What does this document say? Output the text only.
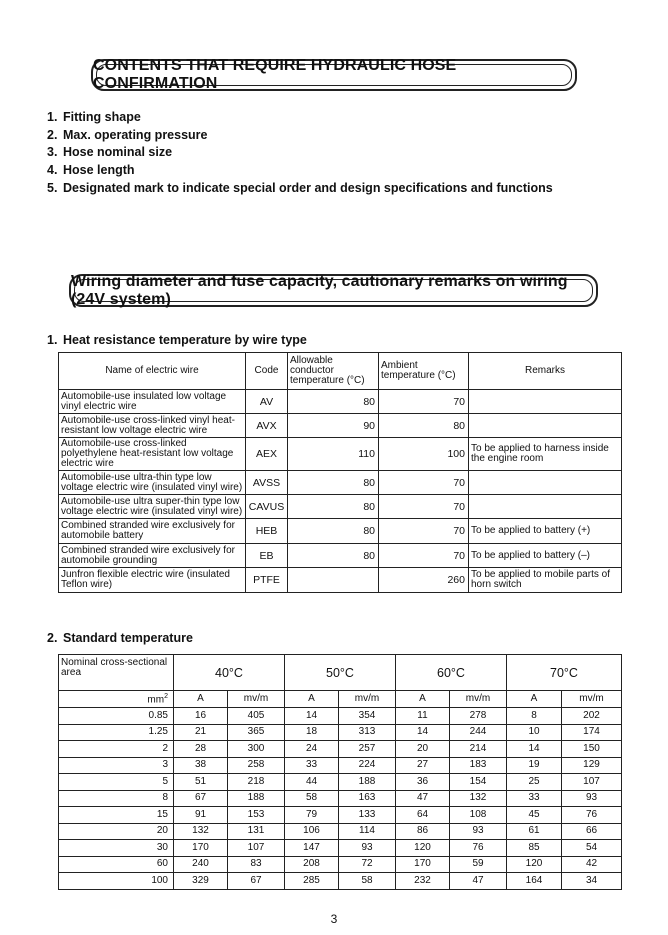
CONTENTS THAT REQUIRE HYDRAULIC HOSE CONFIRMATION
1. Fitting shape
2. Max. operating pressure
3. Hose nominal size
4. Hose length
5. Designated mark to indicate special order and design specifications and functions
Wiring diameter and fuse capacity, cautionary remarks on wiring (24V system)
1. Heat resistance temperature by wire type
Name of electric wire	Code	Allowable conductor temperature (°C)	Ambient temperature (°C)	Remarks
Automobile-use insulated low voltage vinyl electric wire	AV	80	70	
Automobile-use cross-linked vinyl heat-resistant low voltage electric wire	AVX	90	80	
Automobile-use cross-linked polyethylene heat-resistant low voltage electric wire	AEX	110	100	To be applied to harness inside the engine room
Automobile-use ultra-thin type low voltage electric wire (insulated vinyl wire)	AVSS	80	70	
Automobile-use ultra super-thin type low voltage electric wire (insulated vinyl wire)	CAVUS	80	70	
Combined stranded wire exclusively for automobile battery	HEB	80	70	To be applied to battery (+)
Combined stranded wire exclusively for automobile grounding	EB	80	70	To be applied to battery (–)
Junfron flexible electric wire (insulated Teflon wire)	PTFE		260	To be applied to mobile parts of horn switch
2. Standard temperature
Nominal cross-sectional area	40°C		50°C		60°C		70°C	
$mm^2$	A	mv/m	A	mv/m	A	mv/m	A	mv/m
0.85	16	405	14	354	11	278	8	202
1.25	21	365	18	313	14	244	10	174
2	28	300	24	257	20	214	14	150
3	38	258	33	224	27	183	19	129
5	51	218	44	188	36	154	25	107
8	67	188	58	163	47	132	33	93
15	91	153	79	133	64	108	45	76
20	132	131	106	114	86	93	61	66
30	170	107	147	93	120	76	85	54
60	240	83	208	72	170	59	120	42
100	329	67	285	58	232	47	164	34
3
